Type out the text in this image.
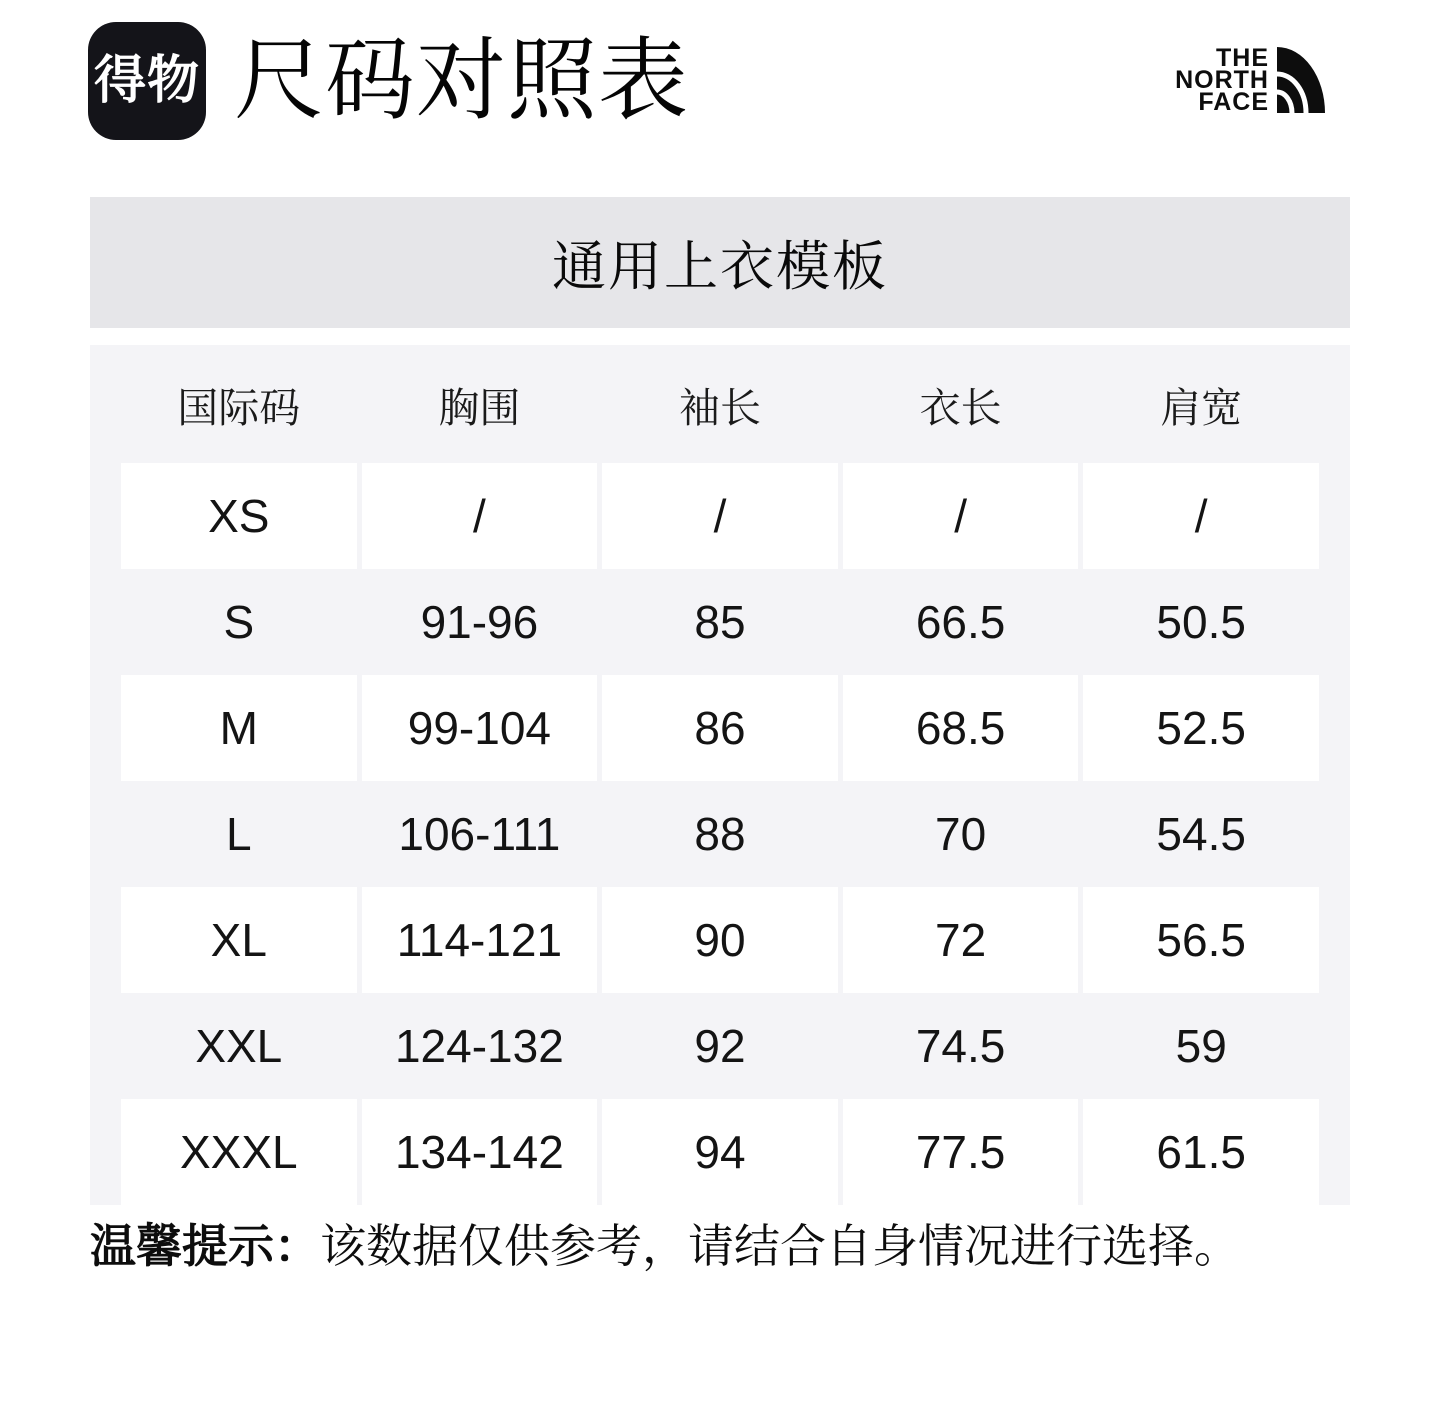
得物 尺码对照表	THE
NORTH
FACE
通用上衣模板
国际码	胸围	袖长	衣长	肩宽
XS	/	/	/	/
S	91-96	85	66.5	50.5
M	99-104	86	68.5	52.5
L	106-111	88	70	54.5
XL	114-121	90	72	56.5
XXL	124-132	92	74.5	59
XXXL	134-142	94	77.5	61.5
温馨提示：该数据仅供参考，请结合自身情况进行选择。
